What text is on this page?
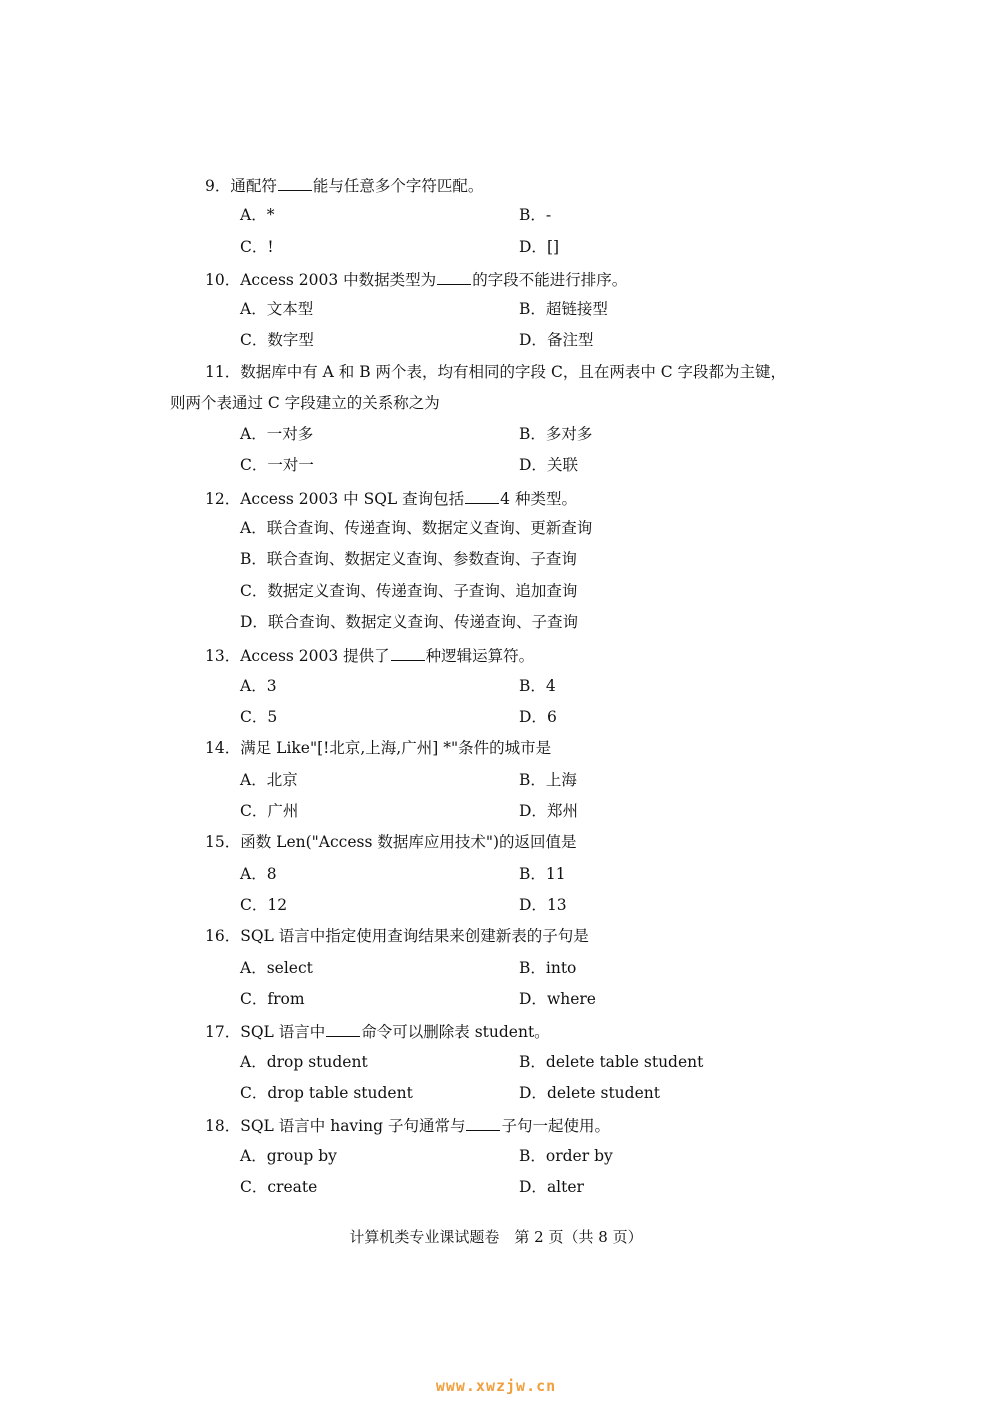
9．通配符 能与任意多个字符匹配。
A．*	B．-
C．!	D．[]
10．Access 2003 中数据类型为 的字段不能进行排序。
A．文本型	B．超链接型
C．数字型	D．备注型
11．数据库中有 A 和 B 两个表，均有相同的字段 C，且在两表中 C 字段都为主键，
则两个表通过 C 字段建立的关系称之为
A．一对多	B．多对多
C．一对一	D．关联
12．Access 2003 中 SQL 查询包括 4 种类型。
A．联合查询、传递查询、数据定义查询、更新查询
B．联合查询、数据定义查询、参数查询、子查询
C．数据定义查询、传递查询、子查询、追加查询
D．联合查询、数据定义查询、传递查询、子查询
13．Access 2003 提供了 种逻辑运算符。
A．3	B．4
C．5	D．6
14．满足 Like"[!北京,上海,广州] *"条件的城市是
A．北京	B．上海
C．广州	D．郑州
15．函数 Len("Access 数据库应用技术")的返回值是
A．8	B．11
C．12	D．13
16．SQL 语言中指定使用查询结果来创建新表的子句是
A．select	B．into
C．from	D．where
17．SQL 语言中 命令可以删除表 student。
A．drop student	B．delete table student
C．drop table student	D．delete student
18．SQL 语言中 having 子句通常与 子句一起使用。
A．group by	B．order by
C．create	D．alter
计算机类专业课试题卷　第 2 页（共 8 页）
www.xwzjw.cn
